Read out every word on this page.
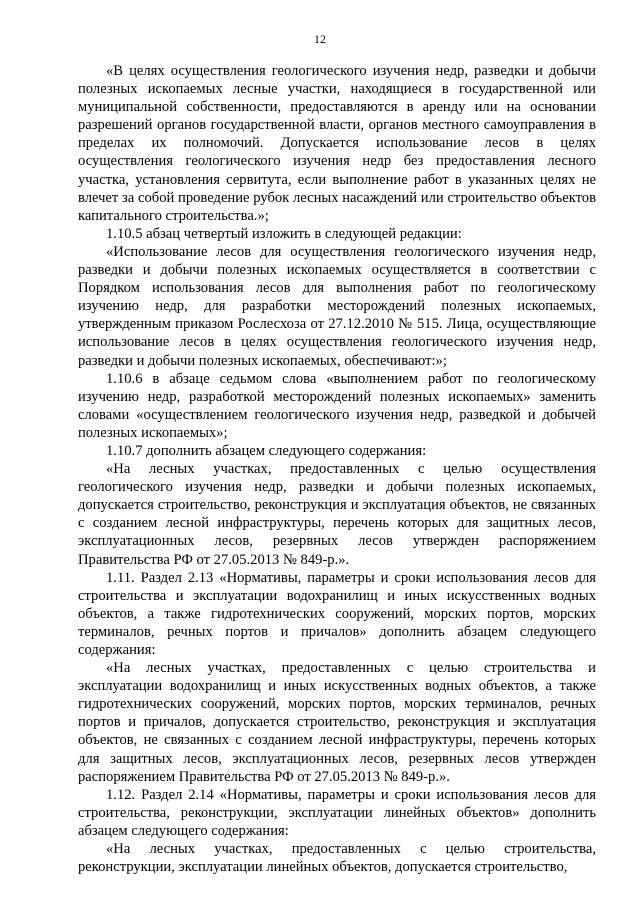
12

«В целях осуществления геологического изучения недр, разведки и добычи полезных ископаемых лесные участки, находящиеся в государственной или муниципальной собственности, предоставляются в аренду или на основании разрешений органов государственной власти, органов местного самоуправления в пределах их полномочий. Допускается использование лесов в целях осуществления геологического изучения недр без предоставления лесного участка, установления сервитута, если выполнение работ в указанных целях не влечет за собой проведение рубок лесных насаждений или строительство объектов капитального строительства.»;

1.10.5 абзац четвертый изложить в следующей редакции:

«Использование лесов для осуществления геологического изучения недр, разведки и добычи полезных ископаемых осуществляется в соответствии с Порядком использования лесов для выполнения работ по геологическому изучению недр, для разработки месторождений полезных ископаемых, утвержденным приказом Рослесхоза от 27.12.2010 № 515. Лица, осуществляющие использование лесов в целях осуществления геологического изучения недр, разведки и добычи полезных ископаемых, обеспечивают:»;

1.10.6 в абзаце седьмом слова «выполнением работ по геологическому изучению недр, разработкой месторождений полезных ископаемых» заменить словами «осуществлением геологического изучения недр, разведкой и добычей полезных ископаемых»;

1.10.7 дополнить абзацем следующего содержания:

«На лесных участках, предоставленных с целью осуществления геологического изучения недр, разведки и добычи полезных ископаемых, допускается строительство, реконструкция и эксплуатация объектов, не связанных с созданием лесной инфраструктуры, перечень которых для защитных лесов, эксплуатационных лесов, резервных лесов утвержден распоряжением Правительства РФ от 27.05.2013 № 849-р.».

1.11. Раздел 2.13 «Нормативы, параметры и сроки использования лесов для строительства и эксплуатации водохранилищ и иных искусственных водных объектов, а также гидротехнических сооружений, морских портов, морских терминалов, речных портов и причалов» дополнить абзацем следующего содержания:

«На лесных участках, предоставленных с целью строительства и эксплуатации водохранилищ и иных искусственных водных объектов, а также гидротехнических сооружений, морских портов, морских терминалов, речных портов и причалов, допускается строительство, реконструкция и эксплуатация объектов, не связанных с созданием лесной инфраструктуры, перечень которых для защитных лесов, эксплуатационных лесов, резервных лесов утвержден распоряжением Правительства РФ от 27.05.2013 № 849-р.».

1.12. Раздел 2.14 «Нормативы, параметры и сроки использования лесов для строительства, реконструкции, эксплуатации линейных объектов» дополнить абзацем следующего содержания:

«На лесных участках, предоставленных с целью строительства, реконструкции, эксплуатации линейных объектов, допускается строительство,
